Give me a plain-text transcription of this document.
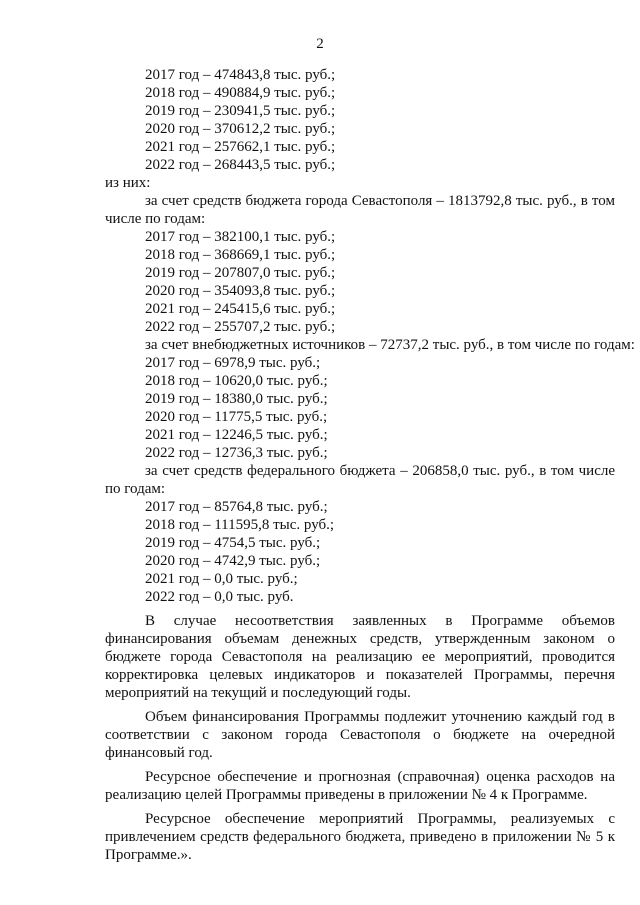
2
2017 год – 474843,8 тыс. руб.;
2018 год – 490884,9 тыс. руб.;
2019 год – 230941,5 тыс. руб.;
2020 год – 370612,2 тыс. руб.;
2021 год – 257662,1 тыс. руб.;
2022 год – 268443,5 тыс. руб.;
из них:
за счет средств бюджета города Севастополя – 1813792,8 тыс. руб., в том числе по годам:
2017 год – 382100,1 тыс. руб.;
2018 год – 368669,1 тыс. руб.;
2019 год – 207807,0 тыс. руб.;
2020 год – 354093,8 тыс. руб.;
2021 год – 245415,6 тыс. руб.;
2022 год – 255707,2 тыс. руб.;
за счет внебюджетных источников – 72737,2 тыс. руб., в том числе по годам:
2017 год – 6978,9 тыс. руб.;
2018 год – 10620,0 тыс. руб.;
2019 год – 18380,0 тыс. руб.;
2020 год – 11775,5 тыс. руб.;
2021 год – 12246,5 тыс. руб.;
2022 год – 12736,3 тыс. руб.;
за счет средств федерального бюджета – 206858,0 тыс. руб., в том числе по годам:
2017 год – 85764,8 тыс. руб.;
2018 год – 111595,8 тыс. руб.;
2019 год – 4754,5 тыс. руб.;
2020 год – 4742,9 тыс. руб.;
2021 год – 0,0 тыс. руб.;
2022 год – 0,0 тыс. руб.
В случае несоответствия заявленных в Программе объемов финансирования объемам денежных средств, утвержденным законом о бюджете города Севастополя на реализацию ее мероприятий, проводится корректировка целевых индикаторов и показателей Программы, перечня мероприятий на текущий и последующий годы.
Объем финансирования Программы подлежит уточнению каждый год в соответствии с законом города Севастополя о бюджете на очередной финансовый год.
Ресурсное обеспечение и прогнозная (справочная) оценка расходов на реализацию целей Программы приведены в приложении № 4 к Программе.
Ресурсное обеспечение мероприятий Программы, реализуемых с привлечением средств федерального бюджета, приведено в приложении № 5 к Программе.».
